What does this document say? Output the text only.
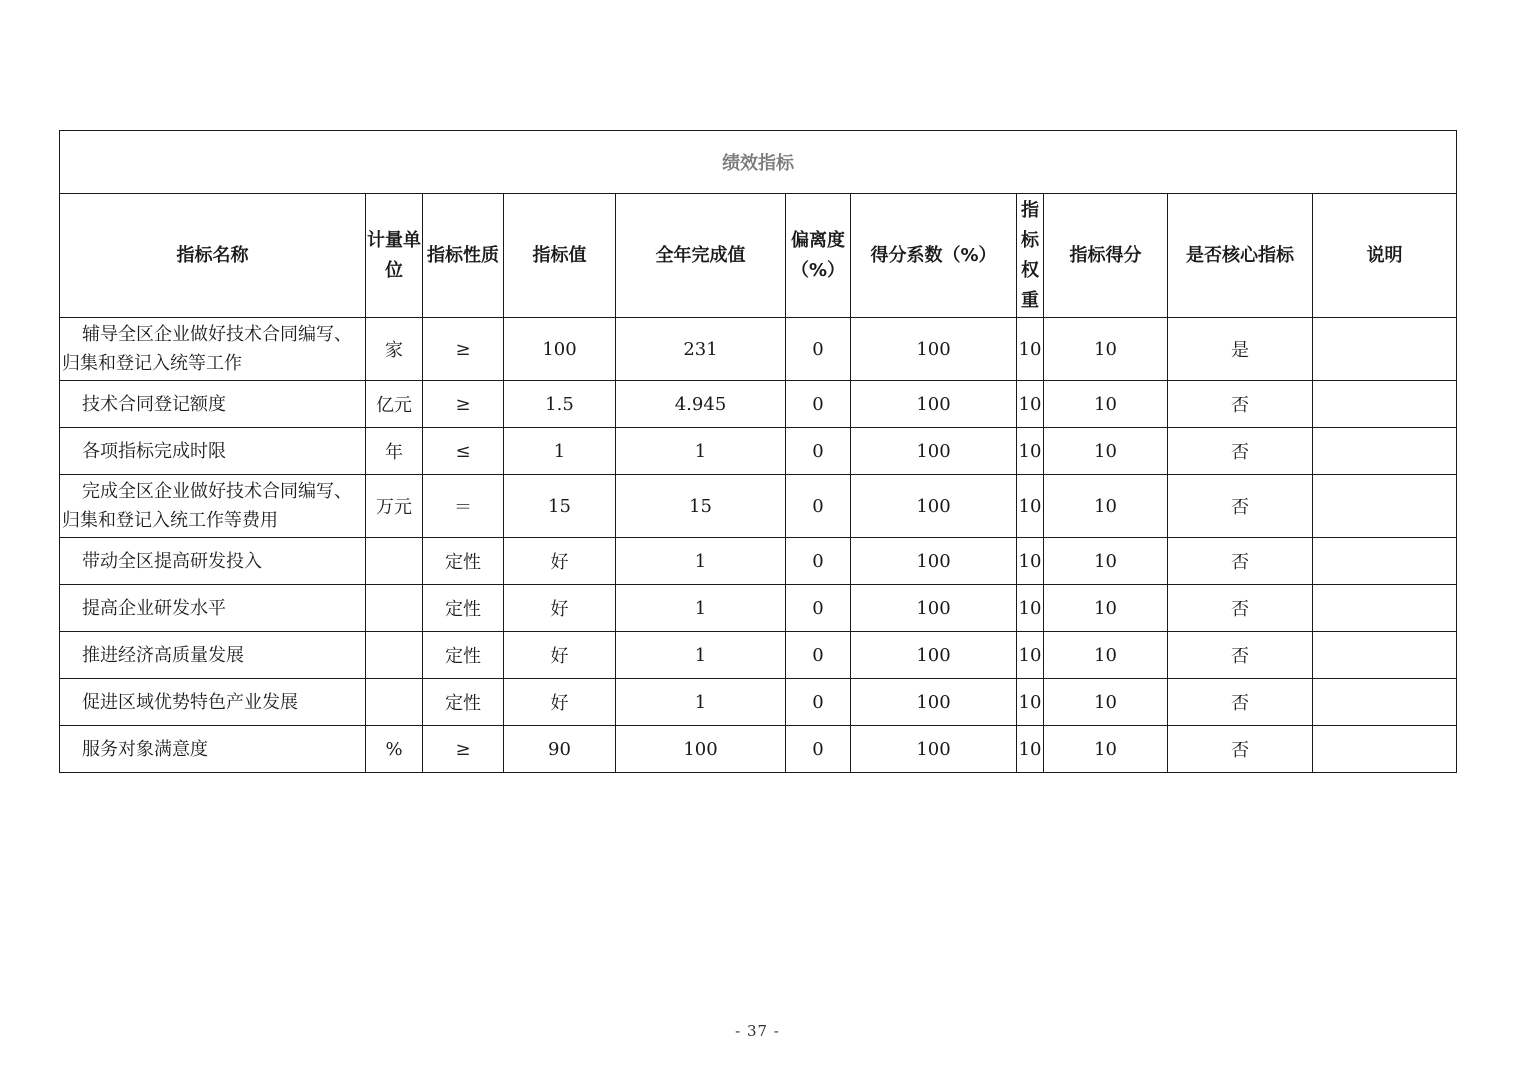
绩效指标										
指标名称	计量单位	指标性质	指标值	全年完成值	偏离度（%）	得分系数（%）	指标权重	指标得分	是否核心指标	说明

辅导全区企业做好技术合同编写、归集和登记入统等工作	家	≥	100	231	0	100	10	10	是	

技术合同登记额度	亿元	≥	1.5	4.945	0	100	10	10	否	

各项指标完成时限	年	≤	1	1	0	100	10	10	否	

完成全区企业做好技术合同编写、归集和登记入统工作等费用	万元	＝	15	15	0	100	10	10	否	

带动全区提高研发投入		定性	好	1	0	100	10	10	否	

提高企业研发水平		定性	好	1	0	100	10	10	否	

推进经济高质量发展		定性	好	1	0	100	10	10	否	

促进区域优势特色产业发展		定性	好	1	0	100	10	10	否	

服务对象满意度	%	≥	90	100	0	100	10	10	否	
- 37 -
